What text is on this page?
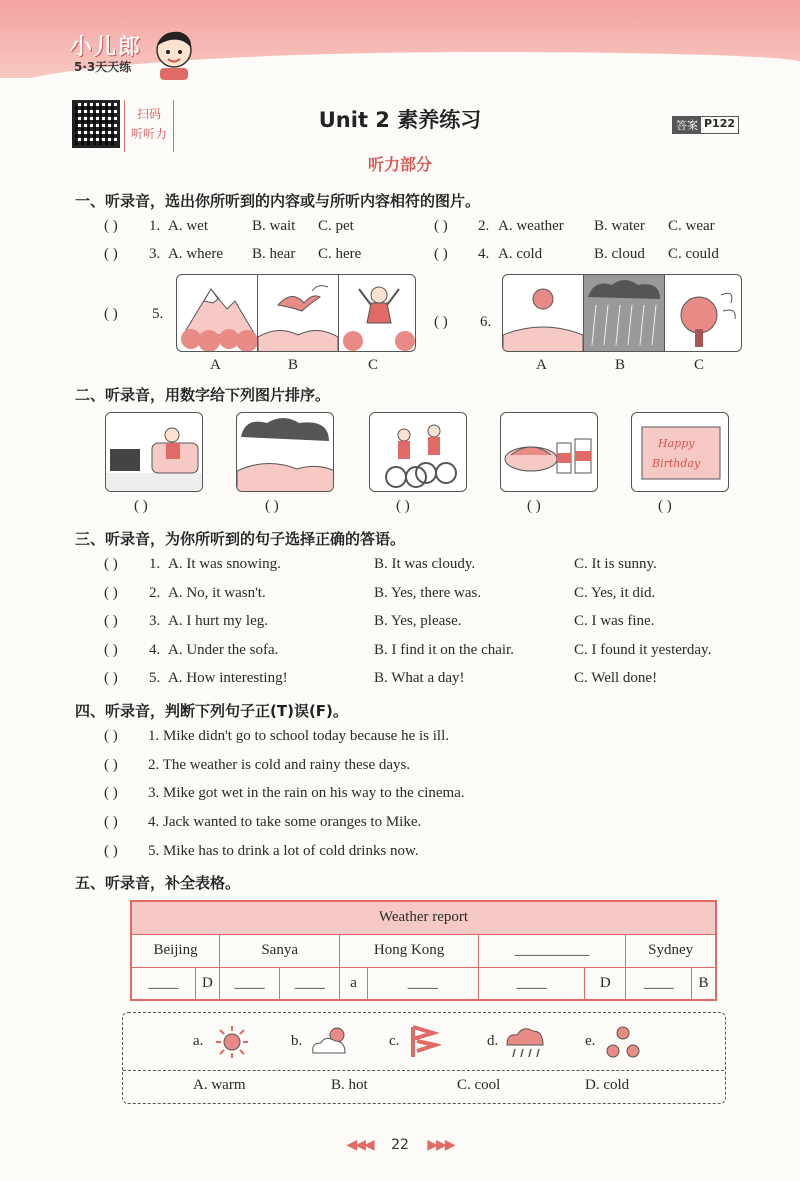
小儿郎
5·3天天练
扫码
听听力
Unit 2 素养练习	答案 P122
听力部分
一、听录音，选出你所听到的内容或与所听内容相符的图片。
( ) 1. A. wet	B. wait C. pet	( ) 2. A. weather B. water C. wear
( ) 3. A. where B. hear C. here	( ) 4. A. cold	B. cloud C. could
( ) 5.
A	B	C
( ) 6.
A	B	C
二、听录音，用数字给下列图片排序。
Happy
Birthday
( )	( )	( )	( )	( )
三、听录音，为你所听到的句子选择正确的答语。
( ) 1. A. It was snowing.	B. It was cloudy.	C. It is sunny.
( ) 2. A. No, it wasn't.	B. Yes, there was.	C. Yes, it did.
( ) 3. A. I hurt my leg.	B. Yes, please.	C. I was fine.
( ) 4. A. Under the sofa.	B. I find it on the chair.	C. I found it yesterday.
( ) 5. A. How interesting!	B. What a day!	C. Well done!
四、听录音，判断下列句子正(T)误(F)。
( ) 1. Mike didn't go to school today because he is ill.
( ) 2. The weather is cold and rainy these days.
( ) 3. Mike got wet in the rain on his way to the cinema.
( ) 4. Jack wanted to take some oranges to Mike.
( ) 5. Mike has to drink a lot of cold drinks now.
五、听录音，补全表格。
Weather report									
Beijing		Sanya		Hong Kong		__________		Sydney	
____	D	____	____	a	____	____	D	____	B
a.	b.	c.	d.	e.
A. warm	B. hot	C. cool	D. cold
◀◀◀ 22 ▶▶▶
